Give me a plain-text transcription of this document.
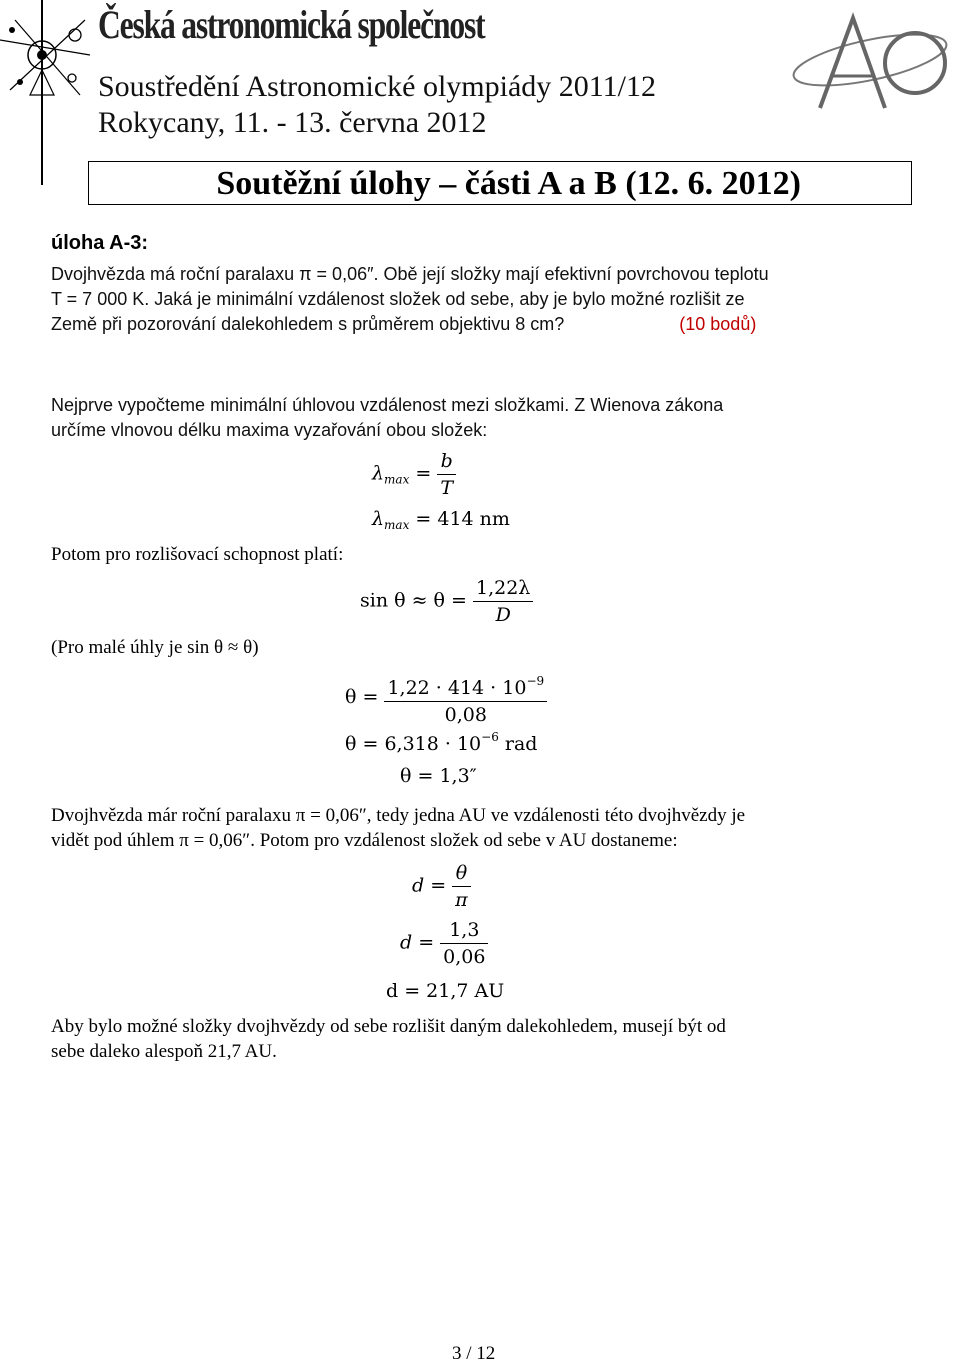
Česká astronomická společnost
Soustředění Astronomické olympiády 2011/12
Rokycany, 11. - 13. června 2012
Soutěžní úlohy – části A a B (12. 6. 2012)
úloha A-3:
Dvojhvězda má roční paralaxu π = 0,06″. Obě její složky mají efektivní povrchovou teplotu
T = 7 000 K. Jaká je minimální vzdálenost složek od sebe, aby je bylo možné rozlišit ze
Země při pozorování dalekohledem s průměrem objektivu 8 cm?	(10 bodů)
Nejprve vypočteme minimální úhlovou vzdálenost mezi složkami. Z Wienova zákona
určíme vlnovou délku maxima vyzařování obou složek:
$\lambda_{max} = \frac{b}{T}$
$\lambda_{max} = 414$ nm
Potom pro rozlišovací schopnost platí:
$\sin \theta \approx \theta = \frac{1,22\lambda}{D}$
(Pro malé úhly je sin θ ≈ θ)
$\theta = \frac{1,22 \cdot 414 \cdot 10^{-9}}{0,08}$
$\theta = 6,318 \cdot 10^{-6}$ rad
θ = 1,3″
Dvojhvězda már roční paralaxu π = 0,06″, tedy jedna AU ve vzdálenosti této dvojhvězdy je
vidět pod úhlem π = 0,06″. Potom pro vzdálenost složek od sebe v AU dostaneme:
$d = \frac{\theta}{\pi}$
$d = \frac{1,3}{0,06}$
d = 21,7 AU
Aby bylo možné složky dvojhvězdy od sebe rozlišit daným dalekohledem, musejí být od
sebe daleko alespoň 21,7 AU.
3 / 12
